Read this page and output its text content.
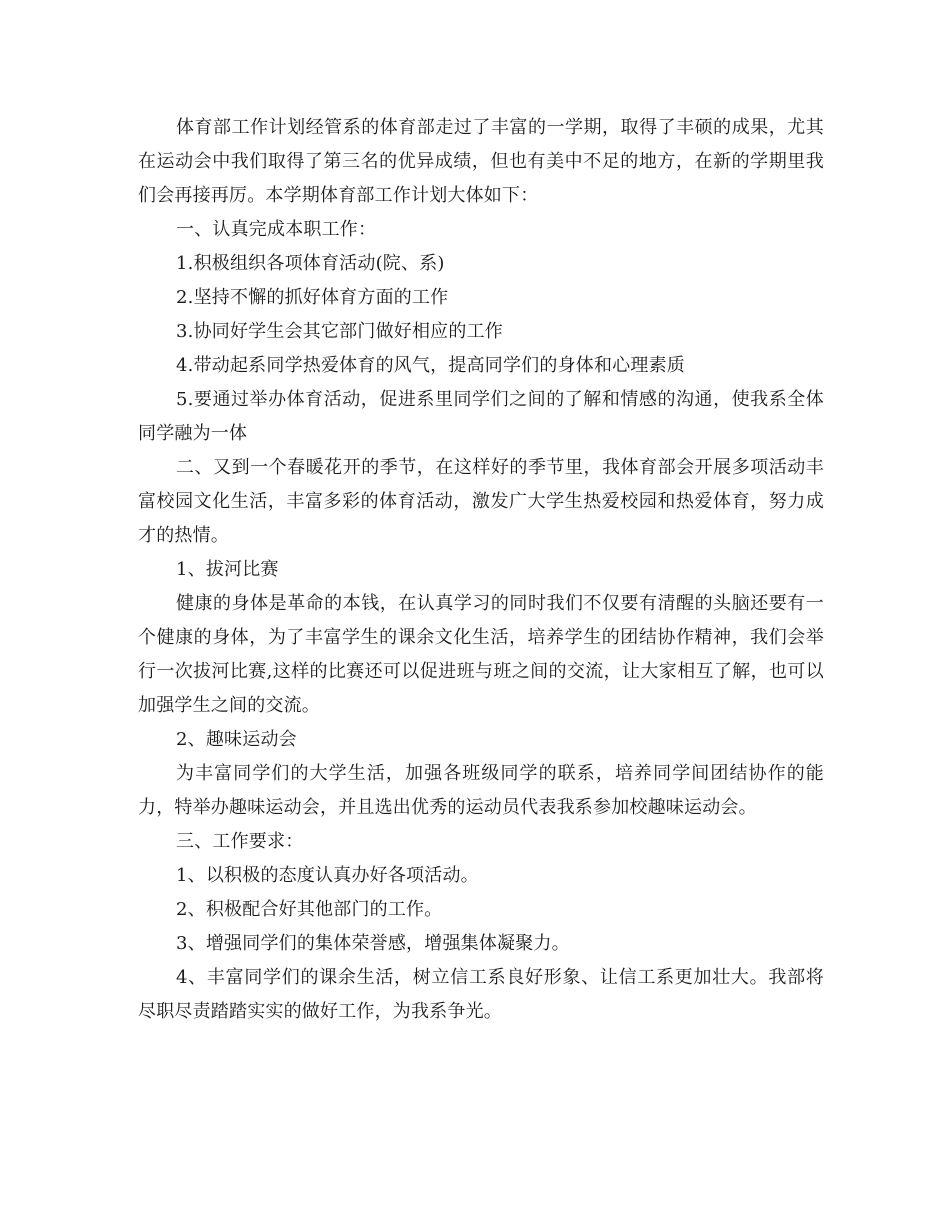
体育部工作计划经管系的体育部走过了丰富的一学期，取得了丰硕的成果，尤其在运动会中我们取得了第三名的优异成绩，但也有美中不足的地方，在新的学期里我们会再接再厉。本学期体育部工作计划大体如下：

一、认真完成本职工作：

1.积极组织各项体育活动(院、系)

2.坚持不懈的抓好体育方面的工作

3.协同好学生会其它部门做好相应的工作

4.带动起系同学热爱体育的风气，提高同学们的身体和心理素质

5.要通过举办体育活动，促进系里同学们之间的了解和情感的沟通，使我系全体同学融为一体

二、又到一个春暖花开的季节，在这样好的季节里，我体育部会开展多项活动丰富校园文化生活，丰富多彩的体育活动，激发广大学生热爱校园和热爱体育，努力成才的热情。

1、拔河比赛

健康的身体是革命的本钱，在认真学习的同时我们不仅要有清醒的头脑还要有一个健康的身体，为了丰富学生的课余文化生活，培养学生的团结协作精神，我们会举行一次拔河比赛,这样的比赛还可以促进班与班之间的交流，让大家相互了解，也可以加强学生之间的交流。

2、趣味运动会

为丰富同学们的大学生活，加强各班级同学的联系，培养同学间团结协作的能力，特举办趣味运动会，并且选出优秀的运动员代表我系参加校趣味运动会。

三、工作要求：

1、以积极的态度认真办好各项活动。

2、积极配合好其他部门的工作。

3、增强同学们的集体荣誉感，增强集体凝聚力。

4、丰富同学们的课余生活，树立信工系良好形象、让信工系更加壮大。我部将尽职尽责踏踏实实的做好工作，为我系争光。
